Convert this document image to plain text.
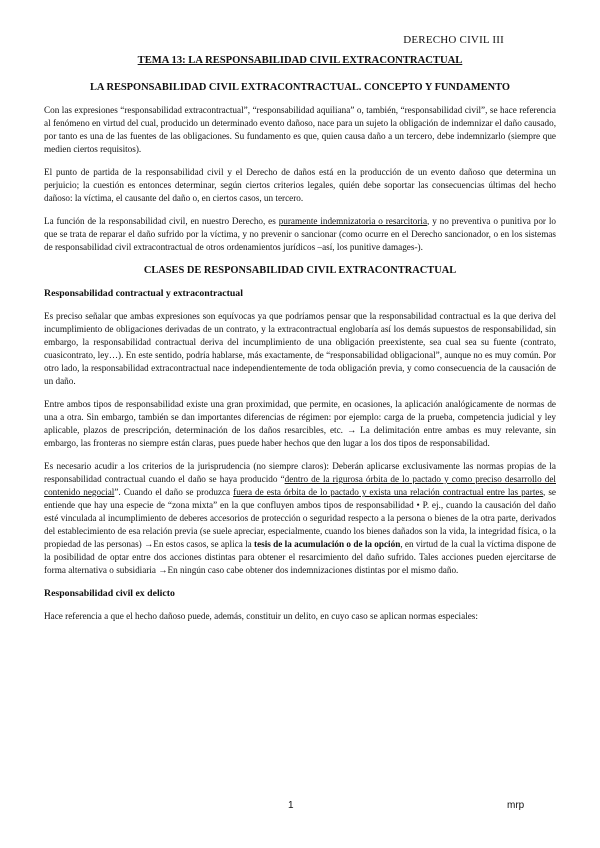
DERECHO CIVIL III
TEMA 13: LA RESPONSABILIDAD CIVIL EXTRACONTRACTUAL
LA RESPONSABILIDAD CIVIL EXTRACONTRACTUAL. CONCEPTO Y FUNDAMENTO

Con las expresiones “responsabilidad extracontractual”, “responsabilidad aquiliana” o, también, “responsabilidad civil”, se hace referencia al fenómeno en virtud del cual, producido un determinado evento dañoso, nace para un sujeto la obligación de indemnizar el daño causado, por tanto es una de las fuentes de las obligaciones. Su fundamento es que, quien causa daño a un tercero, debe indemnizarlo (siempre que medien ciertos requisitos).

El punto de partida de la responsabilidad civil y el Derecho de daños está en la producción de un evento dañoso que determina un perjuicio; la cuestión es entonces determinar, según ciertos criterios legales, quién debe soportar las consecuencias últimas del hecho dañoso: la víctima, el causante del daño o, en ciertos casos, un tercero.

La función de la responsabilidad civil, en nuestro Derecho, es puramente indemnizatoria o resarcitoria, y no preventiva o punitiva por lo que se trata de reparar el daño sufrido por la víctima, y no prevenir o sancionar (como ocurre en el Derecho sancionador, o en los sistemas de responsabilidad civil extracontractual de otros ordenamientos jurídicos –así, los punitive damages-).

CLASES DE RESPONSABILIDAD CIVIL EXTRACONTRACTUAL
Responsabilidad contractual y extracontractual

Es preciso señalar que ambas expresiones son equívocas ya que podríamos pensar que la responsabilidad contractual es la que deriva del incumplimiento de obligaciones derivadas de un contrato, y la extracontractual englobaría así los demás supuestos de responsabilidad, sin embargo, la responsabilidad contractual deriva del incumplimiento de una obligación preexistente, sea cual sea su fuente (contrato, cuasicontrato, ley…). En este sentido, podría hablarse, más exactamente, de “responsabilidad obligacional”, aunque no es muy común. Por otro lado, la responsabilidad extracontractual nace independientemente de toda obligación previa, y como consecuencia de la causación de un daño.

Entre ambos tipos de responsabilidad existe una gran proximidad, que permite, en ocasiones, la aplicación analógicamente de normas de una a otra. Sin embargo, también se dan importantes diferencias de régimen: por ejemplo: carga de la prueba, competencia judicial y ley aplicable, plazos de prescripción, determinación de los daños resarcibles, etc. → La delimitación entre ambas es muy relevante, sin embargo, las fronteras no siempre están claras, pues puede haber hechos que den lugar a los dos tipos de responsabilidad.

Es necesario acudir a los criterios de la jurisprudencia (no siempre claros): Deberán aplicarse exclusivamente las normas propias de la responsabilidad contractual cuando el daño se haya producido “dentro de la rigurosa órbita de lo pactado y como preciso desarrollo del contenido negocial”. Cuando el daño se produzca fuera de esta órbita de lo pactado y exista una relación contractual entre las partes, se entiende que hay una especie de “zona mixta” en la que confluyen ambos tipos de responsabilidad • P. ej., cuando la causación del daño esté vinculada al incumplimiento de deberes accesorios de protección o seguridad respecto a la persona o bienes de la otra parte, derivados del establecimiento de esa relación previa (se suele apreciar, especialmente, cuando los bienes dañados son la vida, la integridad física, o la propiedad de las personas) →En estos casos, se aplica la tesis de la acumulación o de la opción, en virtud de la cual la víctima dispone de la posibilidad de optar entre dos acciones distintas para obtener el resarcimiento del daño sufrido. Tales acciones pueden ejercitarse de forma alternativa o subsidiaria →En ningún caso cabe obtener dos indemnizaciones distintas por el mismo daño.

Responsabilidad civil ex delicto

Hace referencia a que el hecho dañoso puede, además, constituir un delito, en cuyo caso se aplican normas especiales:

1	mrp
